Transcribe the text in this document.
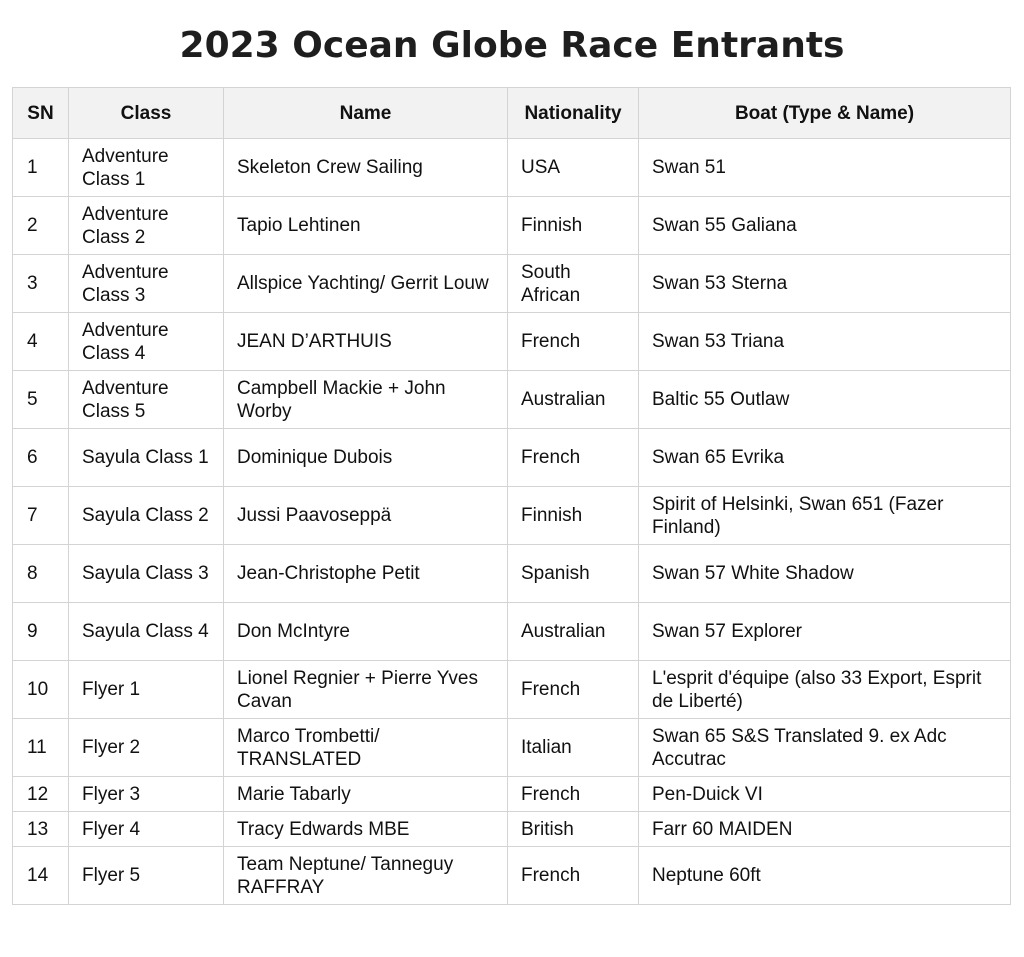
2023 Ocean Globe Race Entrants
SN	Class	Name	Nationality	Boat (Type & Name)
1	Adventure Class 1	Skeleton Crew Sailing	USA	Swan 51
2	Adventure Class 2	Tapio Lehtinen	Finnish	Swan 55 Galiana
3	Adventure Class 3	Allspice Yachting/ Gerrit Louw	South African	Swan 53 Sterna
4	Adventure Class 4	JEAN D’ARTHUIS	French	Swan 53 Triana
5	Adventure Class 5	Campbell Mackie + John Worby	Australian	Baltic 55 Outlaw
6	Sayula Class 1	Dominique Dubois	French	Swan 65 Evrika
7	Sayula Class 2	Jussi Paavoseppä	Finnish	Spirit of Helsinki, Swan 651 (Fazer Finland)
8	Sayula Class 3	Jean-Christophe Petit	Spanish	Swan 57 White Shadow
9	Sayula Class 4	Don McIntyre	Australian	Swan 57 Explorer
10	Flyer 1	Lionel Regnier + Pierre Yves Cavan	French	L'esprit d'équipe (also 33 Export, Esprit de Liberté)
11	Flyer 2	Marco Trombetti/ TRANSLATED	Italian	Swan 65 S&S Translated 9. ex Adc Accutrac
12	Flyer 3	Marie Tabarly	French	Pen-Duick VI
13	Flyer 4	Tracy Edwards MBE	British	Farr 60 MAIDEN
14	Flyer 5	Team Neptune/ Tanneguy RAFFRAY	French	Neptune 60ft
